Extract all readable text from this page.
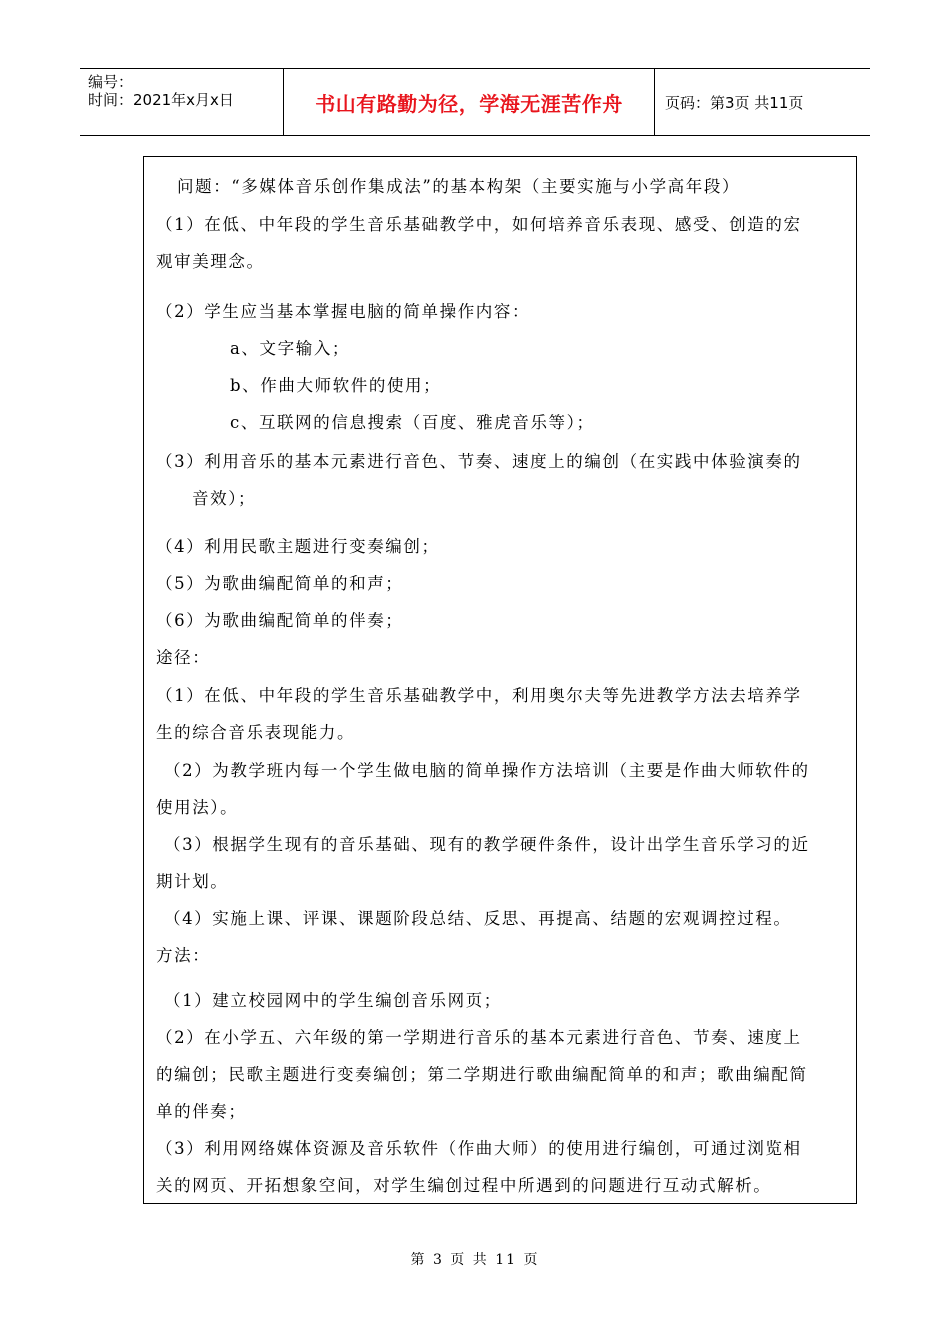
编号：
时间：2021年x月x日	书山有路勤为径，学海无涯苦作舟	页码：第3页 共11页
问题：“多媒体音乐创作集成法”的基本构架（主要实施与小学高年段）
（1）在低、中年段的学生音乐基础教学中，如何培养音乐表现、感受、创造的宏
观审美理念。
（2）学生应当基本掌握电脑的简单操作内容：
a、文字输入；
b、作曲大师软件的使用；
c、互联网的信息搜索（百度、雅虎音乐等）；
（3）利用音乐的基本元素进行音色、节奏、速度上的编创（在实践中体验演奏的
音效）；
（4）利用民歌主题进行变奏编创；
（5）为歌曲编配简单的和声；
（6）为歌曲编配简单的伴奏；
途径：
（1）在低、中年段的学生音乐基础教学中，利用奥尔夫等先进教学方法去培养学
生的综合音乐表现能力。
（2）为教学班内每一个学生做电脑的简单操作方法培训（主要是作曲大师软件的
使用法）。
（3）根据学生现有的音乐基础、现有的教学硬件条件，设计出学生音乐学习的近
期计划。
（4）实施上课、评课、课题阶段总结、反思、再提高、结题的宏观调控过程。
方法：
（1）建立校园网中的学生编创音乐网页；
（2）在小学五、六年级的第一学期进行音乐的基本元素进行音色、节奏、速度上
的编创；民歌主题进行变奏编创；第二学期进行歌曲编配简单的和声；歌曲编配简
单的伴奏；
（3）利用网络媒体资源及音乐软件（作曲大师）的使用进行编创，可通过浏览相
关的网页、开拓想象空间，对学生编创过程中所遇到的问题进行互动式解析。
第 3 页 共 11 页
